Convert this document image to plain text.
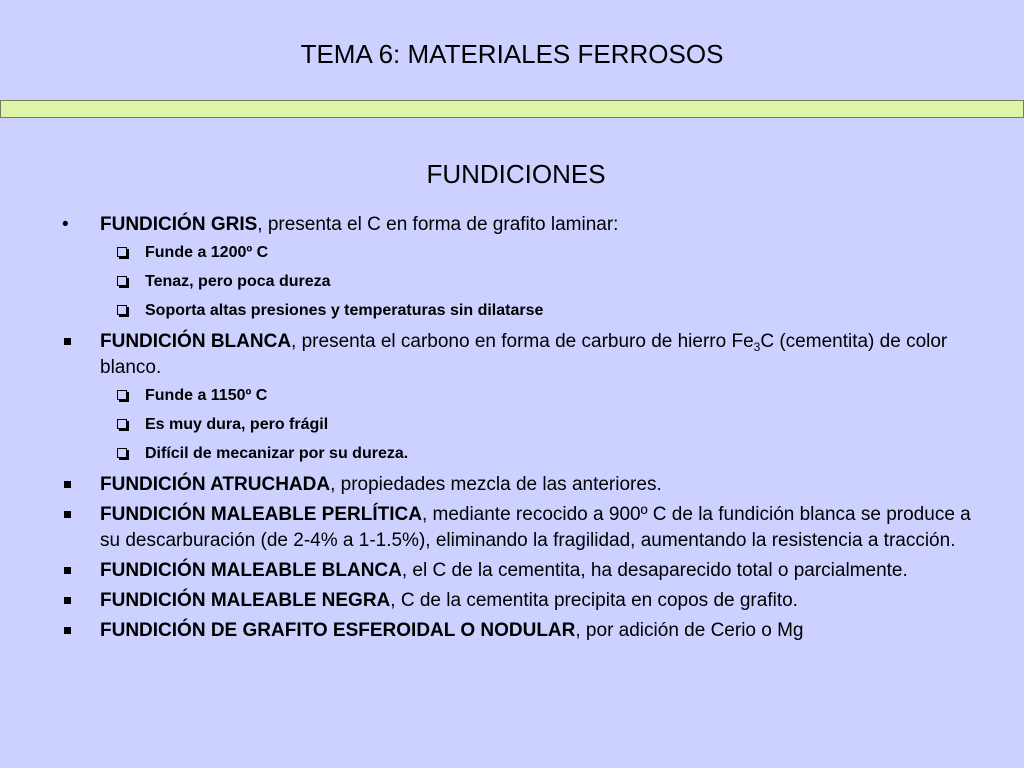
TEMA 6: MATERIALES FERROSOS
FUNDICIONES
•	FUNDICIÓN GRIS, presenta el C en forma de grafito laminar:
Funde a 1200º C
Tenaz, pero poca dureza
Soporta altas presiones y temperaturas sin dilatarse
FUNDICIÓN BLANCA, presenta el carbono en forma de carburo de hierro $Fe_3C$ (cementita) de color blanco.
Funde a 1150º C
Es muy dura, pero frágil
Difícil de mecanizar por su dureza.
FUNDICIÓN ATRUCHADA, propiedades mezcla de las anteriores.
FUNDICIÓN MALEABLE PERLÍTICA, mediante recocido a 900º C de la fundición blanca se produce a su descarburación (de 2-4% a 1-1.5%), eliminando la fragilidad, aumentando la resistencia a tracción.
FUNDICIÓN MALEABLE BLANCA, el C de la cementita, ha desaparecido total o parcialmente.
FUNDICIÓN MALEABLE NEGRA, C de la cementita precipita en copos de grafito.
FUNDICIÓN DE GRAFITO ESFEROIDAL O NODULAR, por adición de Cerio o Mg
